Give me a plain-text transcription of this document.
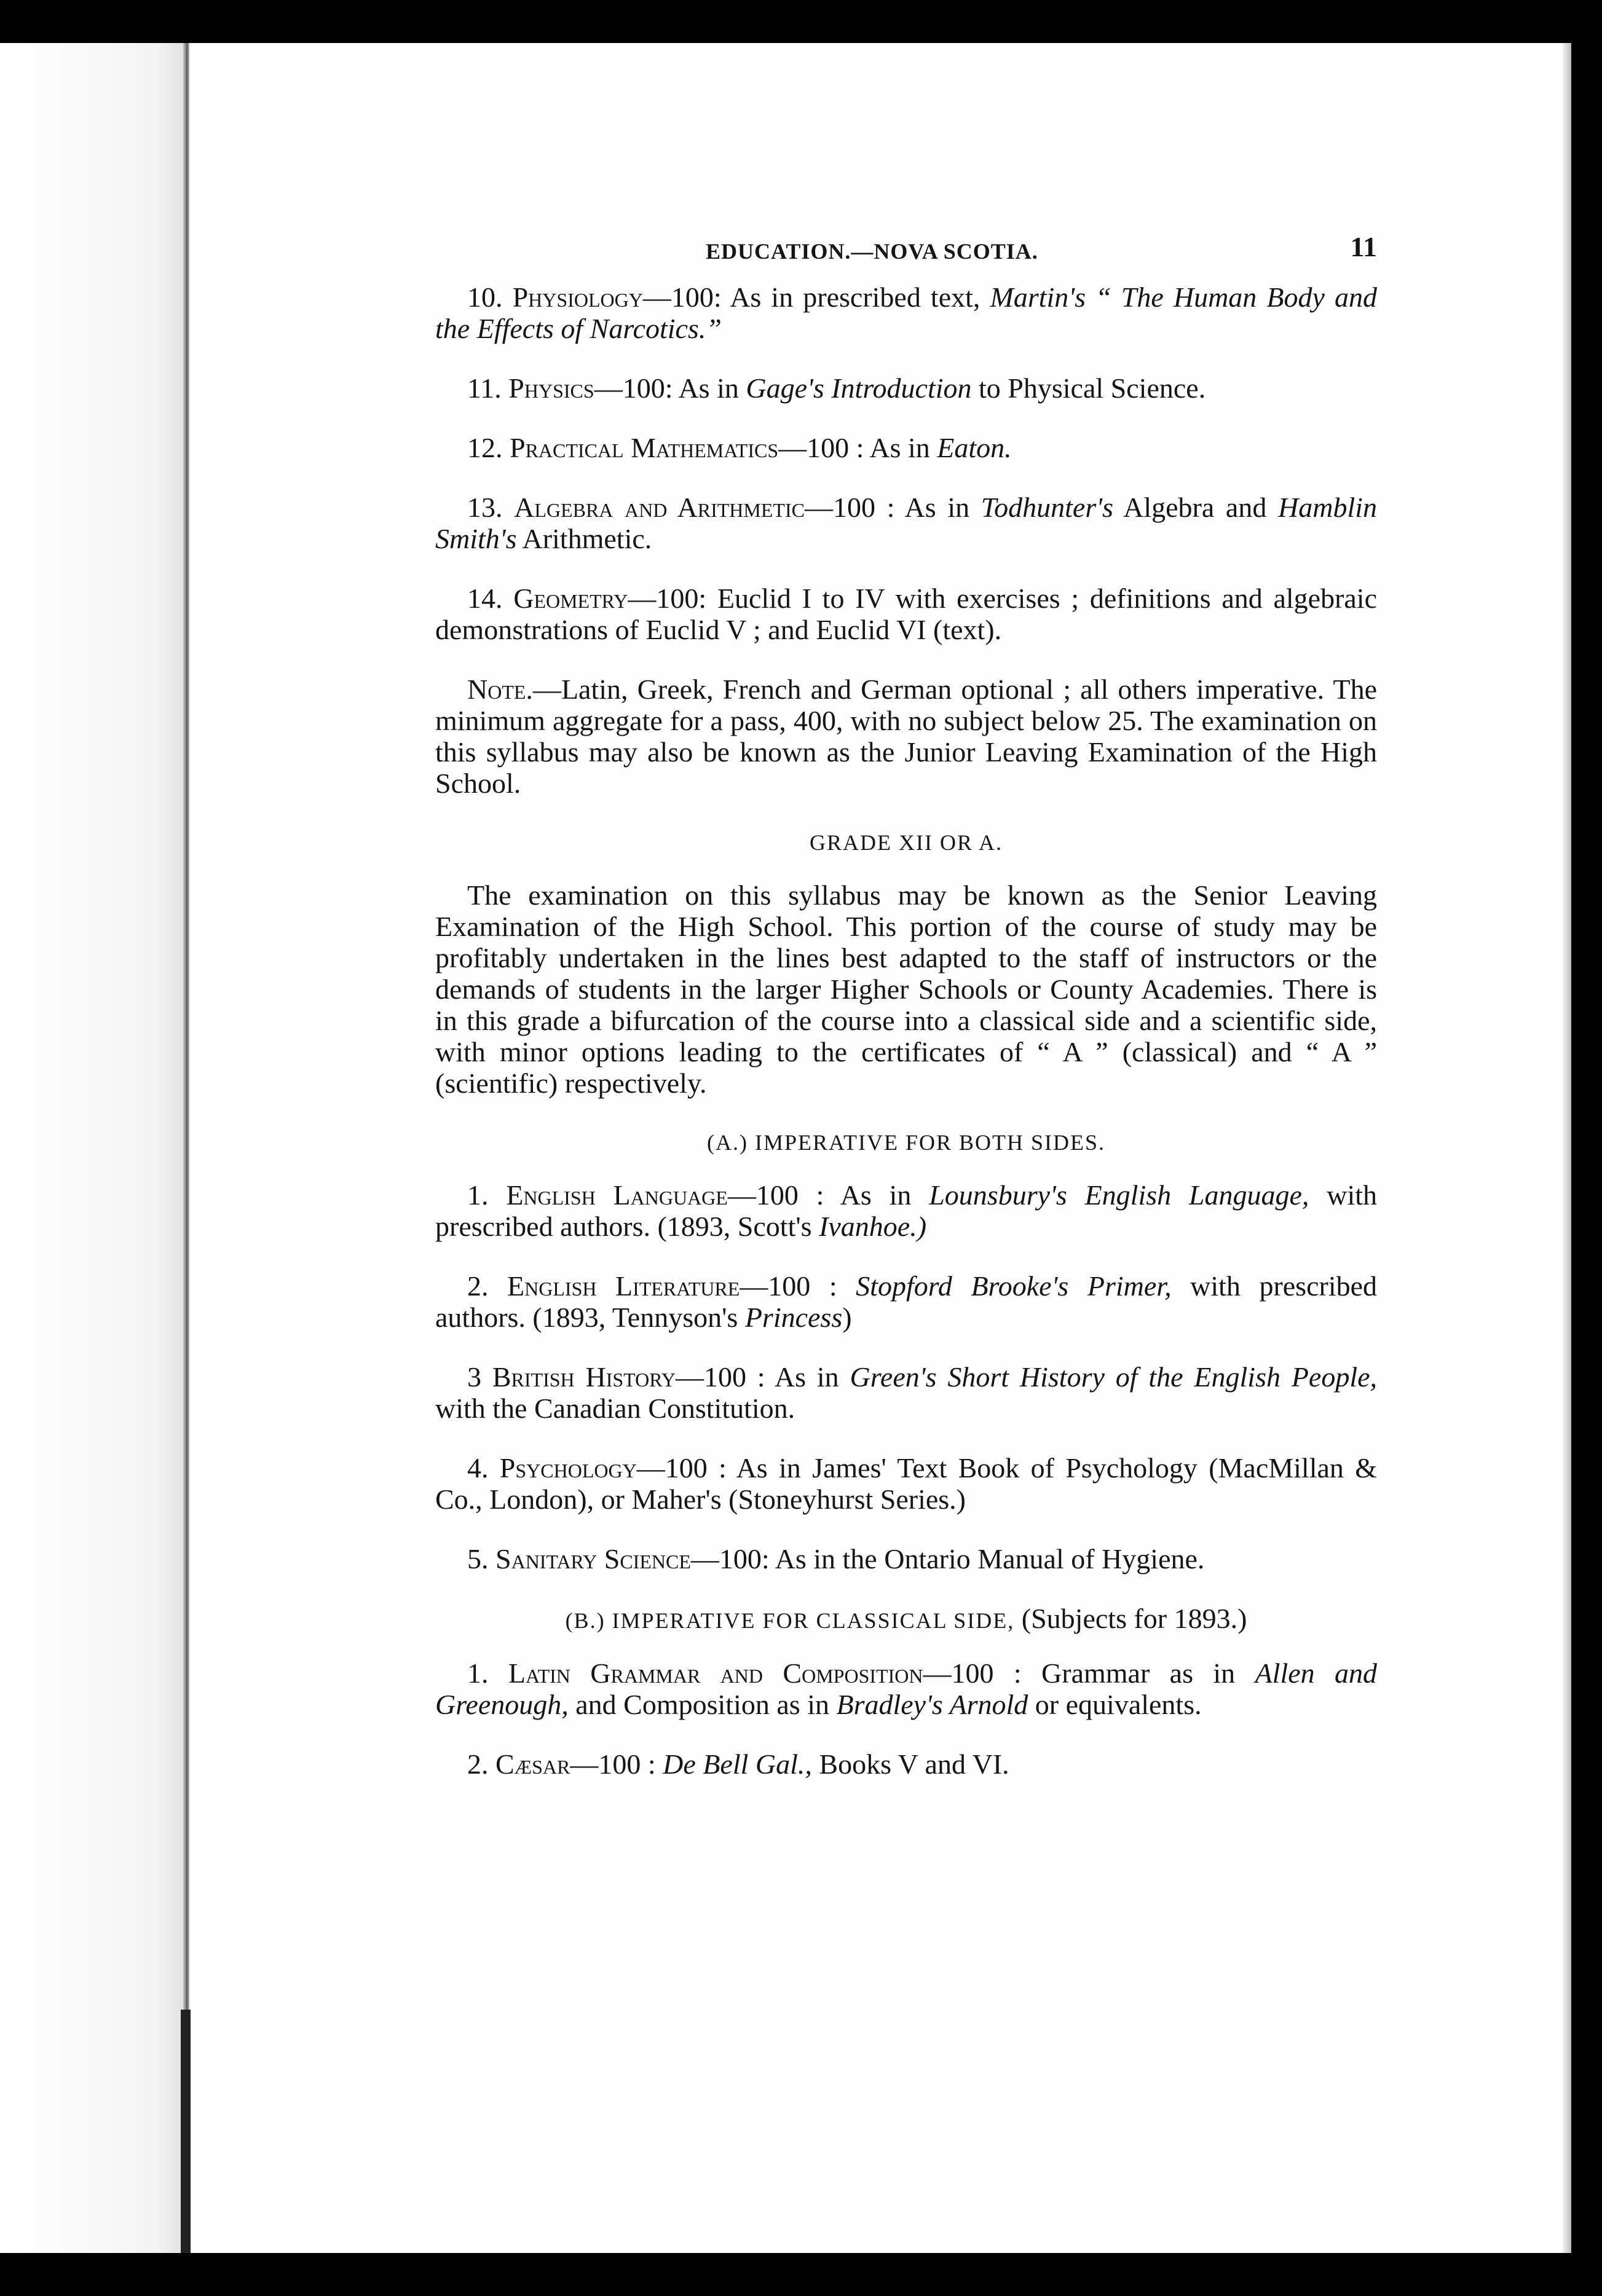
EDUCATION.—NOVA SCOTIA.	11

10. Physiology—100: As in prescribed text, Martin's “ The Human Body and the Effects of Narcotics.”

11. Physics—100: As in Gage's Introduction to Physical Science.

12. Practical Mathematics—100 : As in Eaton.

13. Algebra and Arithmetic—100 : As in Todhunter's Algebra and Hamblin Smith's Arithmetic.

14. Geometry—100: Euclid I to IV with exercises ; definitions and algebraic demonstrations of Euclid V ; and Euclid VI (text).

Note.—Latin, Greek, French and German optional ; all others imperative. The minimum aggregate for a pass, 400, with no subject below 25. The examination on this syllabus may also be known as the Junior Leaving Examination of the High School.

GRADE XII OR A.

The examination on this syllabus may be known as the Senior Leaving Examination of the High School. This portion of the course of study may be profitably undertaken in the lines best adapted to the staff of instructors or the demands of students in the larger Higher Schools or County Academies. There is in this grade a bifurcation of the course into a classical side and a scientific side, with minor options leading to the certificates of “ A ” (classical) and “ A ” (scientific) respectively.

(A.) IMPERATIVE FOR BOTH SIDES.

1. English Language—100 : As in Lounsbury's English Language, with prescribed authors. (1893, Scott's Ivanhoe.)

2. English Literature—100 : Stopford Brooke's Primer, with prescribed authors. (1893, Tennyson's Princess)

3 British History—100 : As in Green's Short History of the English People, with the Canadian Constitution.

4. Psychology—100 : As in James' Text Book of Psychology (MacMillan & Co., London), or Maher's (Stoneyhurst Series.)

5. Sanitary Science—100: As in the Ontario Manual of Hygiene.

(B.) IMPERATIVE FOR CLASSICAL SIDE, (Subjects for 1893.)

1. Latin Grammar and Composition—100 : Grammar as in Allen and Greenough, and Composition as in Bradley's Arnold or equivalents.

2. Cæsar—100 : De Bell Gal., Books V and VI.
